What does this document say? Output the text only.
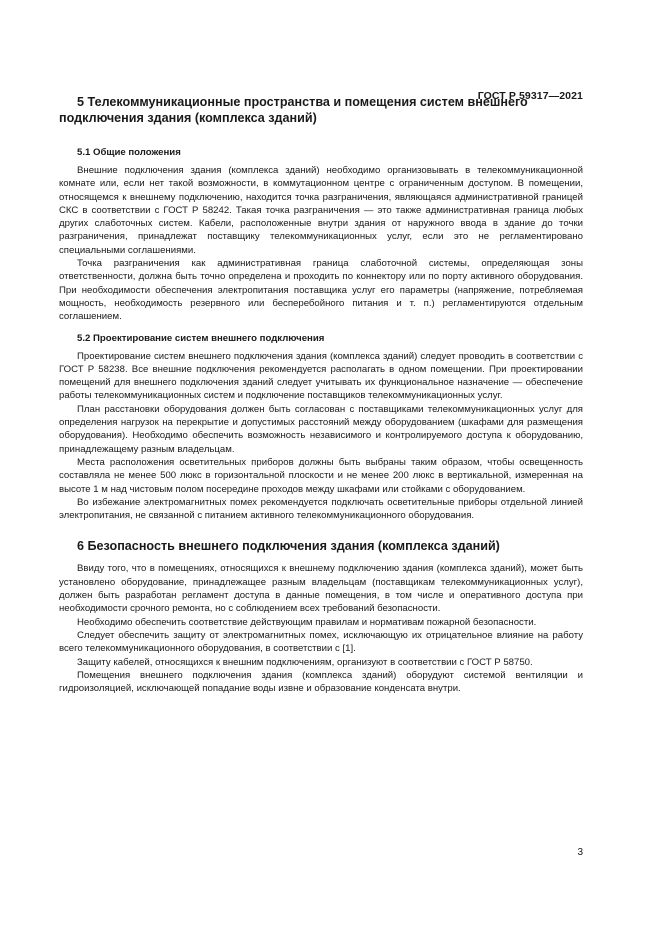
ГОСТ Р 59317—2021

5 Телекоммуникационные пространства и помещения систем внешнего подключения здания (комплекса зданий)

5.1 Общие положения

Внешние подключения здания (комплекса зданий) необходимо организовывать в телекоммуникационной комнате или, если нет такой возможности, в коммутационном центре с ограниченным доступом. В помещении, относящемся к внешнему подключению, находится точка разграничения, являющаяся административной границей СКС в соответствии с ГОСТ Р 58242. Такая точка разграничения — это также административная граница любых других слаботочных систем. Кабели, расположенные внутри здания от наружного ввода в здание до точки разграничения, принадлежат поставщику телекоммуникационных услуг, если это не регламентировано специальными соглашениями.

Точка разграничения как административная граница слаботочной системы, определяющая зоны ответственности, должна быть точно определена и проходить по коннектору или по порту активного оборудования. При необходимости обеспечения электропитания поставщика услуг его параметры (напряжение, потребляемая мощность, необходимость резервного или бесперебойного питания и т. п.) регламентируются отдельным соглашением.

5.2 Проектирование систем внешнего подключения

Проектирование систем внешнего подключения здания (комплекса зданий) следует проводить в соответствии с ГОСТ Р 58238. Все внешние подключения рекомендуется располагать в одном помещении. При проектировании помещений для внешнего подключения зданий следует учитывать их функциональное назначение — обеспечение работы телекоммуникационных систем и подключение поставщиков телекоммуникационных услуг.

План расстановки оборудования должен быть согласован с поставщиками телекоммуникационных услуг для определения нагрузок на перекрытие и допустимых расстояний между оборудованием (шкафами для размещения оборудования). Необходимо обеспечить возможность независимого и контролируемого доступа к оборудованию, принадлежащему разным владельцам.

Места расположения осветительных приборов должны быть выбраны таким образом, чтобы освещенность составляла не менее 500 люкс в горизонтальной плоскости и не менее 200 люкс в вертикальной, измеренная на высоте 1 м над чистовым полом посередине проходов между шкафами или стойками с оборудованием.

Во избежание электромагнитных помех рекомендуется подключать осветительные приборы отдельной линией электропитания, не связанной с питанием активного телекоммуникационного оборудования.

6 Безопасность внешнего подключения здания (комплекса зданий)

Ввиду того, что в помещениях, относящихся к внешнему подключению здания (комплекса зданий), может быть установлено оборудование, принадлежащее разным владельцам (поставщикам телекоммуникационных услуг), должен быть разработан регламент доступа в данные помещения, в том числе и оперативного доступа при необходимости срочного ремонта, но с соблюдением всех требований безопасности.

Необходимо обеспечить соответствие действующим правилам и нормативам пожарной безопасности.

Следует обеспечить защиту от электромагнитных помех, исключающую их отрицательное влияние на работу всего телекоммуникационного оборудования, в соответствии с [1].

Защиту кабелей, относящихся к внешним подключениям, организуют в соответствии с ГОСТ Р 58750.

Помещения внешнего подключения здания (комплекса зданий) оборудуют системой вентиляции и гидроизоляцией, исключающей попадание воды извне и образование конденсата внутри.

3
